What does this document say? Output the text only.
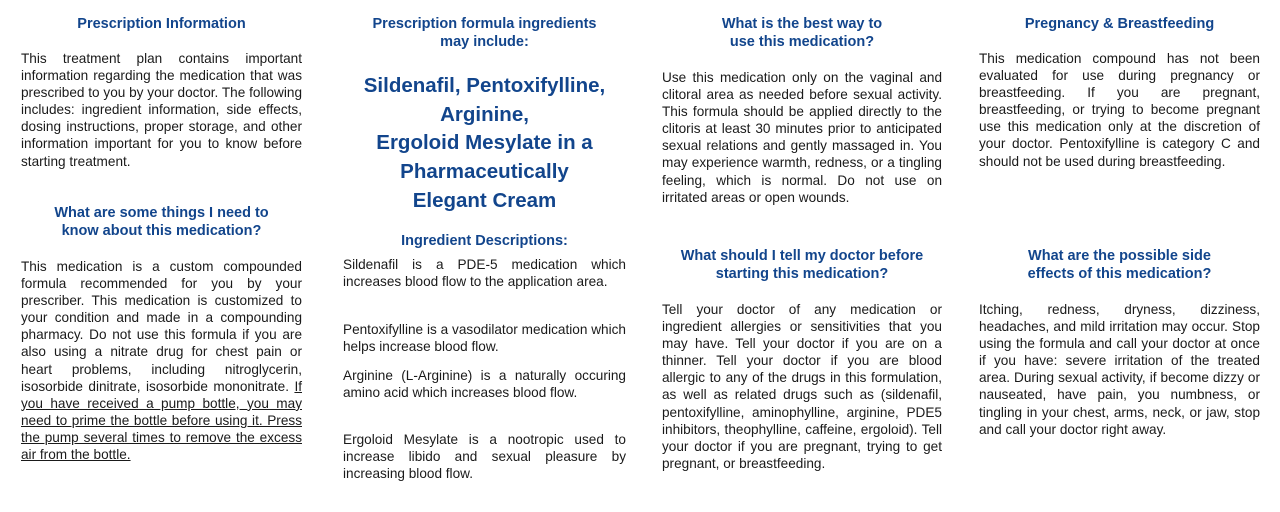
Prescription Information

This treatment plan contains important information regarding the medication that was prescribed to you by your doctor. The following includes: ingredient information, side effects, dosing instructions, proper storage, and other information important for you to know before starting treatment.

What are some things I need to

know about this medication?

This medication is a custom compounded formula recommended for you by your prescriber. This medication is customized to your condition and made in a compounding pharmacy. Do not use this formula if you are also using a nitrate drug for chest pain or heart problems, including nitroglycerin, isosorbide dinitrate, isosorbide mononitrate. If you have received a pump bottle, you may need to prime the bottle before using it. Press the pump several times to remove the excess air from the bottle.

Prescription formula ingredients

may include:

Sildenafil, Pentoxifylline,

Arginine,

Ergoloid Mesylate in a

Pharmaceutically

Elegant Cream

Ingredient Descriptions:

Sildenafil is a PDE-5 medication which increases blood flow to the application area.

Pentoxifylline is a vasodilator medication which helps increase blood flow.

Arginine (L-Arginine) is a naturally occuring amino acid which increases blood flow.

Ergoloid Mesylate is a nootropic used to increase libido and sexual pleasure by increasing blood flow.

What is the best way to

use this medication?

Use this medication only on the vaginal and clitoral area as needed before sexual activity. This formula should be applied directly to the clitoris at least 30 minutes prior to anticipated sexual relations and gently massaged in. You may experience warmth, redness, or a tingling feeling, which is normal. Do not use on irritated areas or open wounds.

What should I tell my doctor before

starting this medication?

Tell your doctor of any medication or ingredient allergies or sensitivities that you may have. Tell your doctor if you are on a thinner. Tell your doctor if you are blood allergic to any of the drugs in this formulation, as well as related drugs such as (sildenafil, pentoxifylline, aminophylline, arginine, PDE5 inhibitors, theophylline, caffeine, ergoloid). Tell your doctor if you are pregnant, trying to get pregnant, or breastfeeding.

Pregnancy & Breastfeeding

This medication compound has not been evaluated for use during pregnancy or breastfeeding. If you are pregnant, breastfeeding, or trying to become pregnant use this medication only at the discretion of your doctor. Pentoxifylline is category C and should not be used during breastfeeding.

What are the possible side

effects of this medication?

Itching, redness, dryness, dizziness, headaches, and mild irritation may occur. Stop using the formula and call your doctor at once if you have: severe irritation of the treated area. During sexual activity, if become dizzy or nauseated, have pain, you numbness, or tingling in your chest, arms, neck, or jaw, stop and call your doctor right away.
